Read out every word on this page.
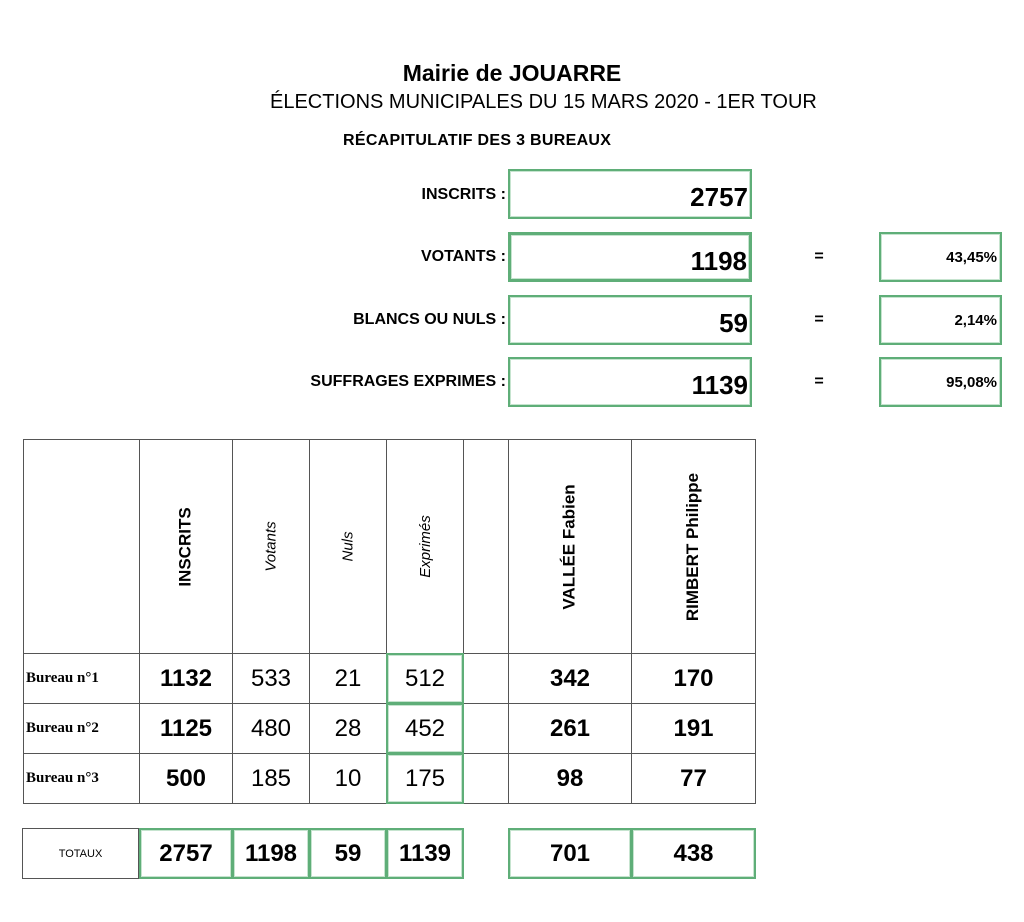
Mairie de JOUARRE
ÉLECTIONS MUNICIPALES DU 15 MARS 2020 - 1ER TOUR
RÉCAPITULATIF DES 3 BUREAUX
INSCRITS :	2757
VOTANTS :	1198	=	43,45%
BLANCS OU NULS :	59	=	2,14%
SUFFRAGES EXPRIMES :	1139	=	95,08%
INSCRITS	Votants	Nuls	Exprimés	VALLÉE Fabien	RIMBERT Philippe
Bureau n°1	1132	533	21	512	342	170
Bureau n°2	1125	480	28	452	261	191
Bureau n°3	500	185	10	175	98	77
TOTAUX	2757	1198	59	1139	701	438
